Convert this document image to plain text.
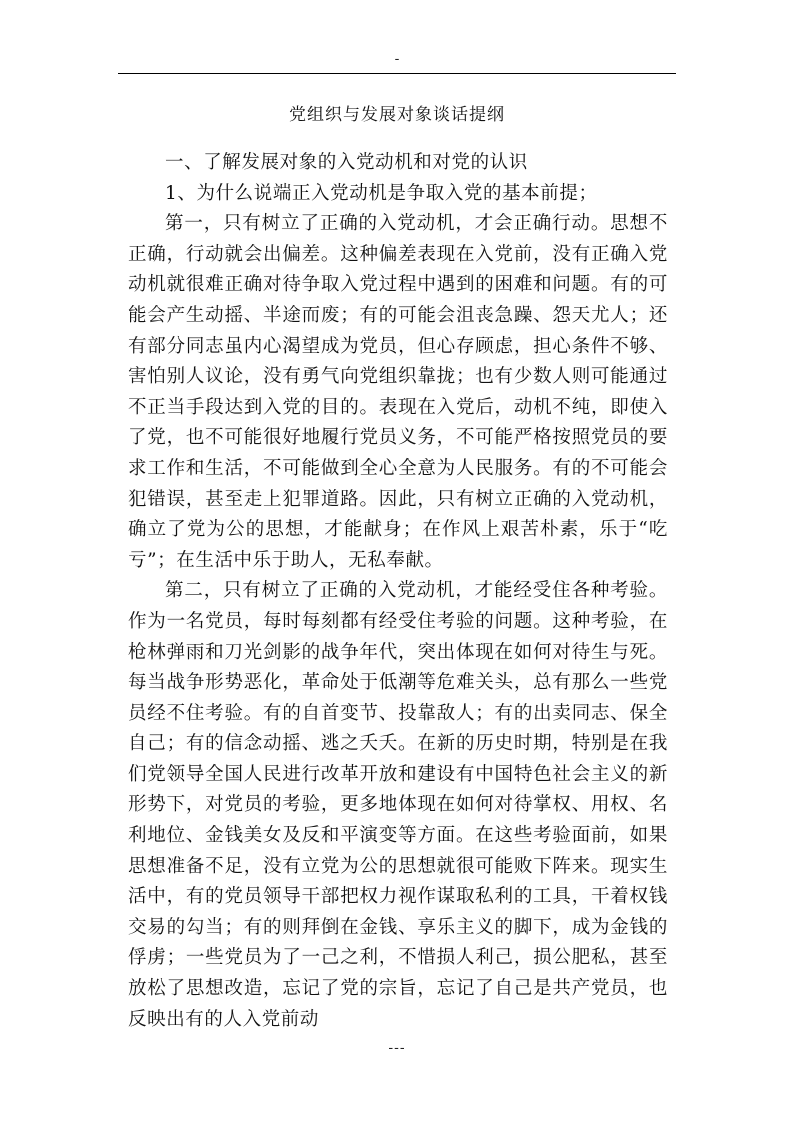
-
党组织与发展对象谈话提纲

一、了解发展对象的入党动机和对党的认识

1、为什么说端正入党动机是争取入党的基本前提；

第一，只有树立了正确的入党动机，才会正确行动。思想不正确，行动就会出偏差。这种偏差表现在入党前，没有正确入党动机就很难正确对待争取入党过程中遇到的困难和问题。有的可能会产生动摇、半途而废；有的可能会沮丧急躁、怨天尤人；还有部分同志虽内心渴望成为党员，但心存顾虑，担心条件不够、害怕别人议论，没有勇气向党组织靠拢；也有少数人则可能通过不正当手段达到入党的目的。表现在入党后，动机不纯，即使入了党，也不可能很好地履行党员义务，不可能严格按照党员的要求工作和生活，不可能做到全心全意为人民服务。有的不可能会犯错误，甚至走上犯罪道路。因此，只有树立正确的入党动机，确立了党为公的思想，才能献身；在作风上艰苦朴素，乐于“吃亏”；在生活中乐于助人，无私奉献。

第二，只有树立了正确的入党动机，才能经受住各种考验。作为一名党员，每时每刻都有经受住考验的问题。这种考验，在枪林弹雨和刀光剑影的战争年代，突出体现在如何对待生与死。每当战争形势恶化，革命处于低潮等危难关头，总有那么一些党员经不住考验。有的自首变节、投靠敌人；有的出卖同志、保全自己；有的信念动摇、逃之夭夭。在新的历史时期，特别是在我们党领导全国人民进行改革开放和建设有中国特色社会主义的新形势下，对党员的考验，更多地体现在如何对待掌权、用权、名利地位、金钱美女及反和平演变等方面。在这些考验面前，如果思想准备不足，没有立党为公的思想就很可能败下阵来。现实生活中，有的党员领导干部把权力视作谋取私利的工具，干着权钱交易的勾当；有的则拜倒在金钱、享乐主义的脚下，成为金钱的俘虏；一些党员为了一己之利，不惜损人利己，损公肥私，甚至放松了思想改造，忘记了党的宗旨，忘记了自己是共产党员，也反映出有的人入党前动

---
